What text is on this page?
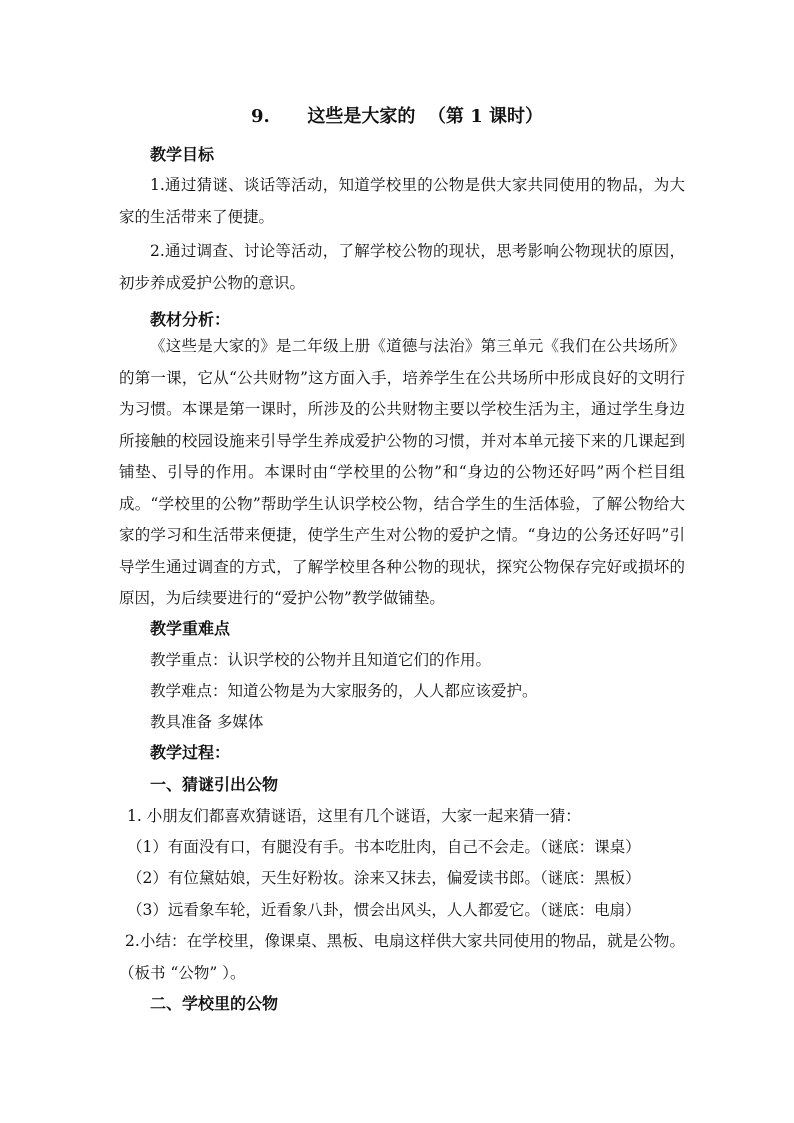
9.      这些是大家的  （第 1 课时）
教学目标
1.通过猜谜、谈话等活动，知道学校里的公物是供大家共同使用的物品，为大家的生活带来了便捷。
2.通过调查、讨论等活动，了解学校公物的现状，思考影响公物现状的原因，初步养成爱护公物的意识。
教材分析：
《这些是大家的》是二年级上册《道德与法治》第三单元《我们在公共场所》的第一课，它从“公共财物”这方面入手，培养学生在公共场所中形成良好的文明行为习惯。本课是第一课时，所涉及的公共财物主要以学校生活为主，通过学生身边所接触的校园设施来引导学生养成爱护公物的习惯，并对本单元接下来的几课起到铺垫、引导的作用。本课时由“学校里的公物”和“身边的公物还好吗”两个栏目组成。“学校里的公物”帮助学生认识学校公物，结合学生的生活体验，了解公物给大家的学习和生活带来便捷，使学生产生对公物的爱护之情。“身边的公务还好吗”引导学生通过调查的方式，了解学校里各种公物的现状，探究公物保存完好或损坏的原因，为后续要进行的“爱护公物”教学做铺垫。
教学重难点
教学重点：认识学校的公物并且知道它们的作用。
教学难点：知道公物是为大家服务的，人人都应该爱护。
教具准备 多媒体
教学过程：
一、猜谜引出公物
1. 小朋友们都喜欢猜谜语，这里有几个谜语，大家一起来猜一猜：
（1）有面没有口，有腿没有手。书本吃肚肉，自己不会走。（谜底：课桌）
（2）有位黛姑娘，天生好粉妆。涂来又抹去，偏爱读书郎。（谜底：黑板）
（3）远看象车轮，近看象八卦，惯会出风头，人人都爱它。（谜底：电扇）
2.小结：在学校里，像课桌、黑板、电扇这样供大家共同使用的物品，就是公物。（板书 “公物” ）。
二、学校里的公物
